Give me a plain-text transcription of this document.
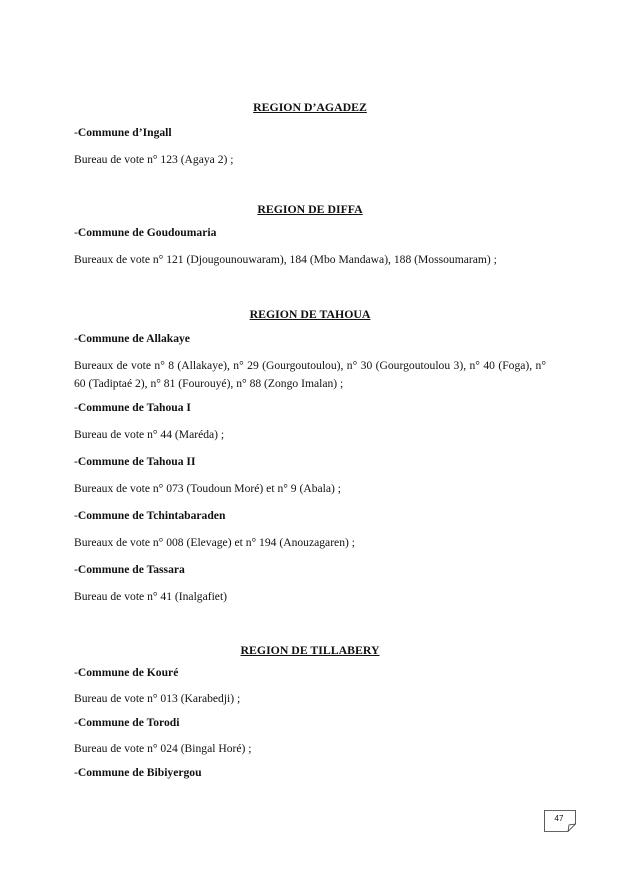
REGION D’AGADEZ
-Commune d’Ingall
Bureau de vote n° 123 (Agaya 2) ;
REGION DE DIFFA
-Commune de Goudoumaria
Bureaux de vote n° 121 (Djougounouwaram), 184 (Mbo Mandawa), 188 (Mossoumaram) ;
REGION DE TAHOUA
-Commune de Allakaye
Bureaux de vote n° 8 (Allakaye), n° 29 (Gourgoutoulou), n° 30 (Gourgoutoulou 3), n° 40 (Foga), n° 60 (Tadiptaé 2), n° 81 (Fourouyé), n° 88 (Zongo Imalan) ;
-Commune de Tahoua I
Bureau de vote n° 44 (Maréda) ;
-Commune de Tahoua II
Bureaux de vote n° 073 (Toudoun Moré) et n° 9 (Abala) ;
-Commune de Tchintabaraden
Bureaux de vote n° 008 (Elevage) et n° 194 (Anouzagaren) ;
-Commune de Tassara
Bureau de vote n° 41 (Inalgafiet)
REGION DE TILLABERY
-Commune de Kouré
Bureau de vote n° 013 (Karabedji) ;
-Commune de Torodi
Bureau de vote n° 024 (Bingal Horé) ;
-Commune de Bibiyergou
47
